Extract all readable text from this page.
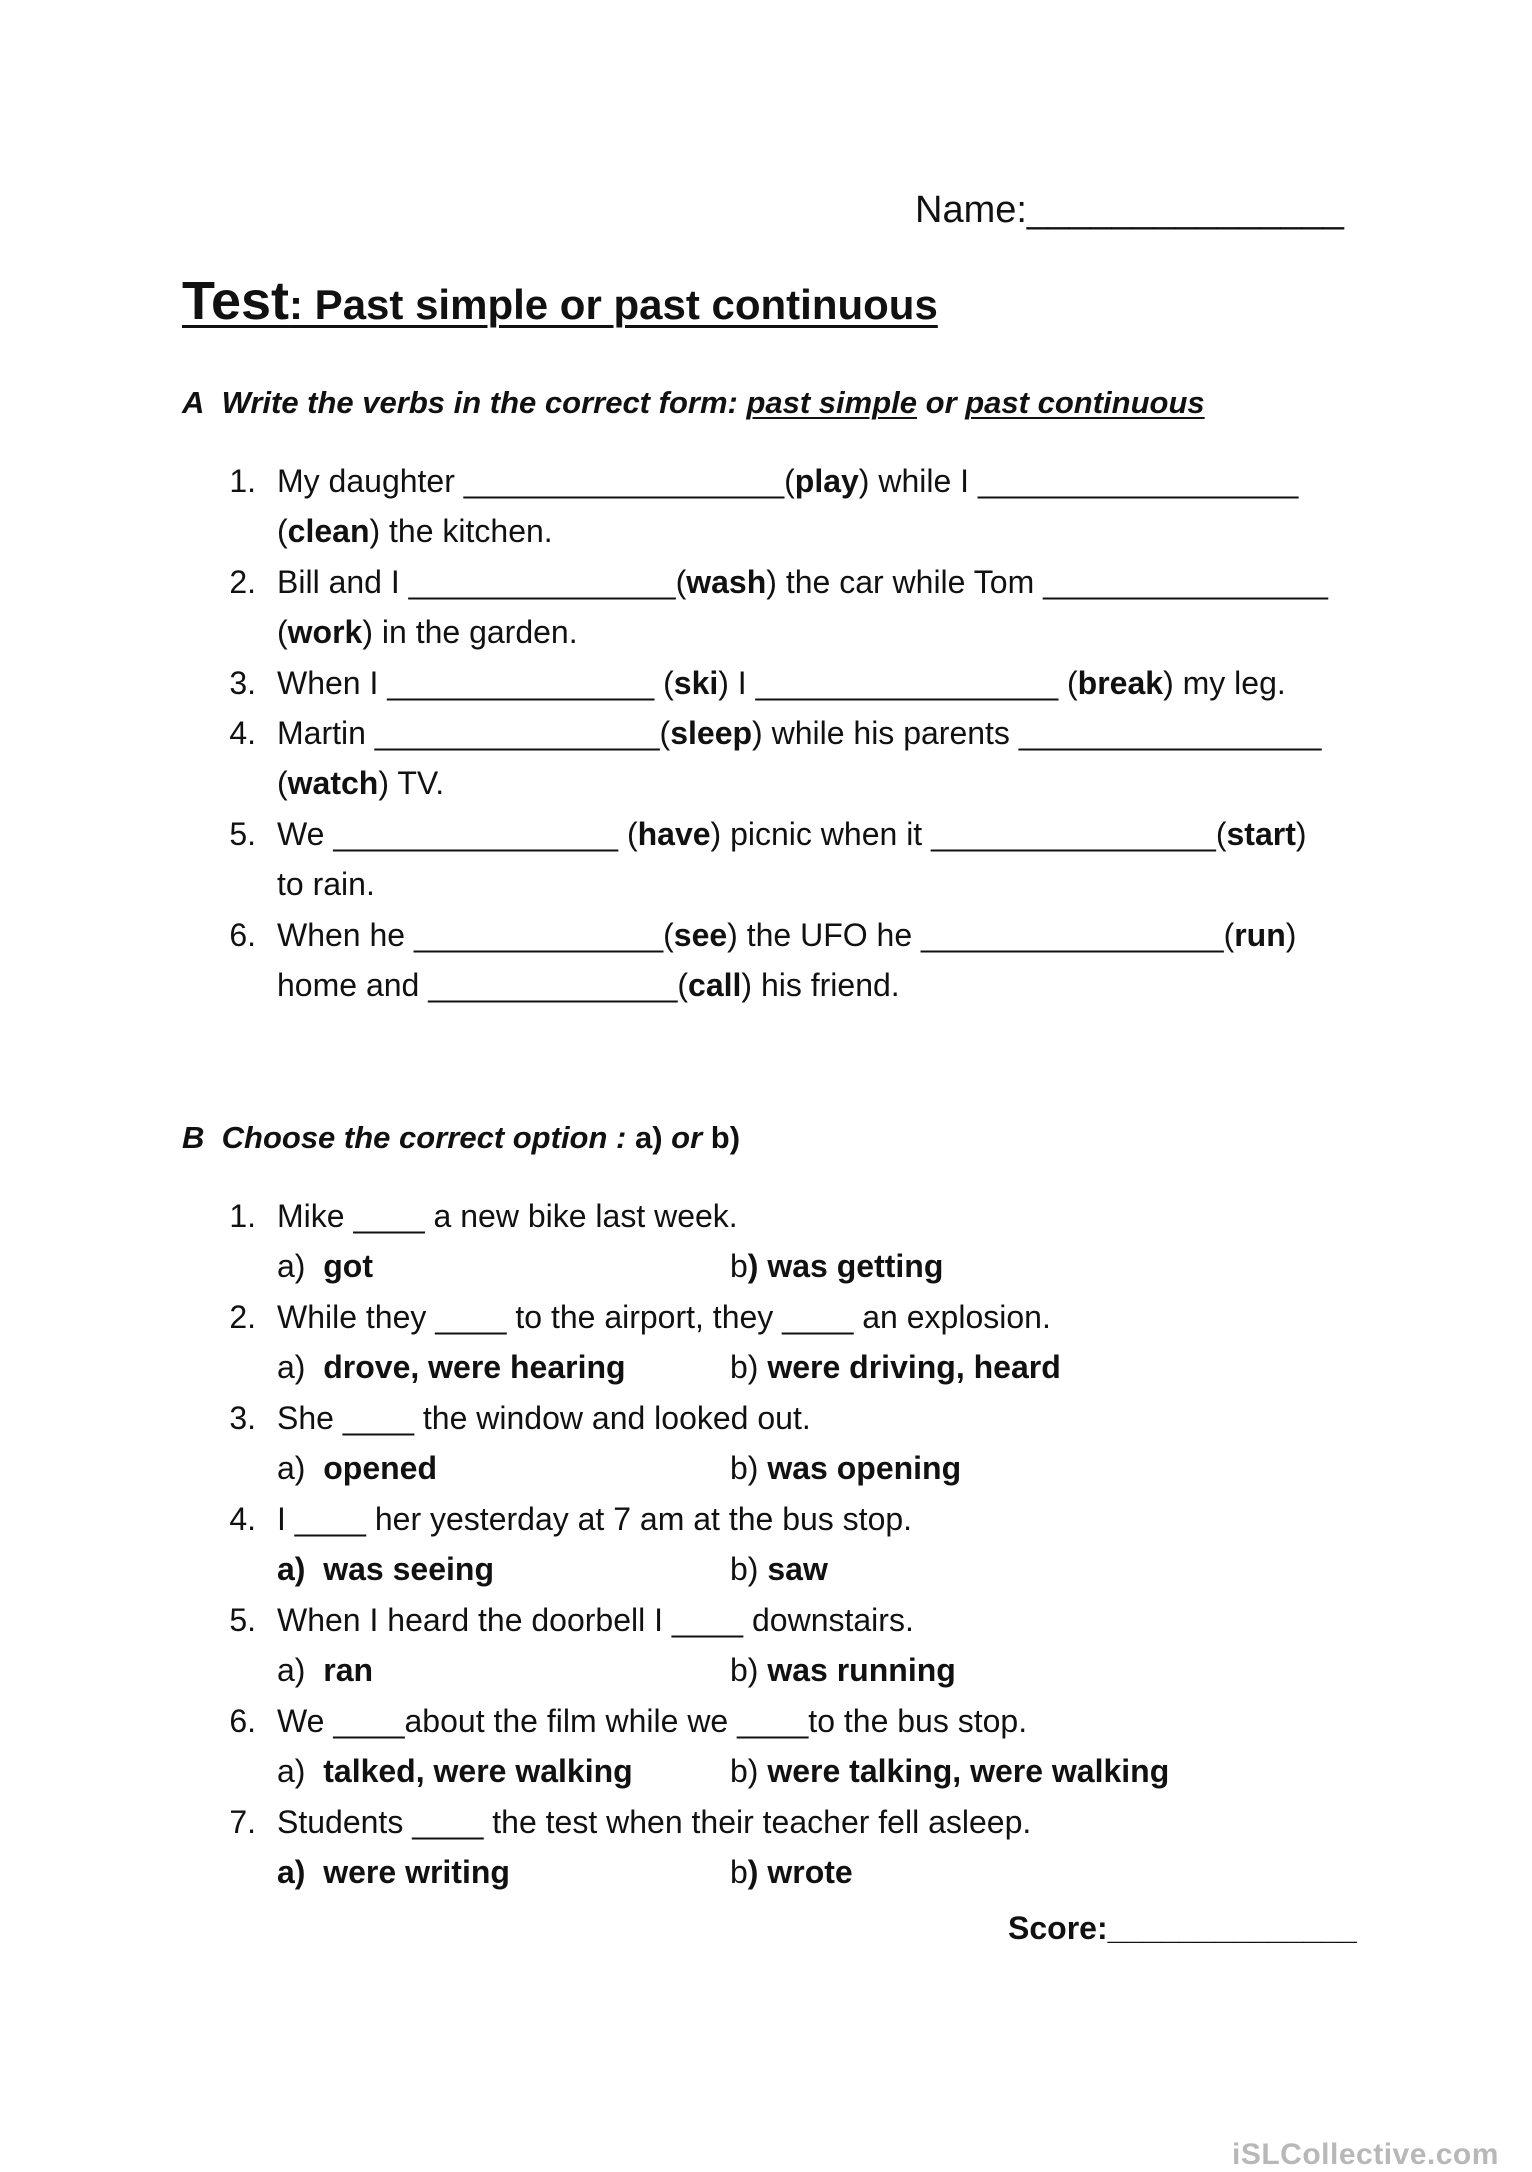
Name:_______________
Test: Past simple or past continuous
A Write the verbs in the correct form: past simple or past continuous
1. My daughter __________________(play) while I __________________
(clean) the kitchen.
2. Bill and I _______________(wash) the car while Tom ________________
(work) in the garden.
3. When I _______________ (ski) I _________________ (break) my leg.
4. Martin ________________(sleep) while his parents _________________
(watch) TV.
5. We ________________ (have) picnic when it ________________(start)
to rain.
6. When he ______________(see) the UFO he _________________(run)
home and ______________(call) his friend.
B Choose the correct option : a) or b)
1. Mike ____ a new bike last week.
a) got	b) was getting
2. While they ____ to the airport, they ____ an explosion.
a) drove, were hearing	b) were driving, heard
3. She ____ the window and looked out.
a) opened	b) was opening
4. I ____ her yesterday at 7 am at the bus stop.
a) was seeing	b) saw
5. When I heard the doorbell I ____ downstairs.
a) ran	b) was running
6. We ____about the film while we ____to the bus stop.
a) talked, were walking	b) were talking, were walking
7. Students ____ the test when their teacher fell asleep.
a) were writing	b) wrote
Score:______________
iSLCollective.com
